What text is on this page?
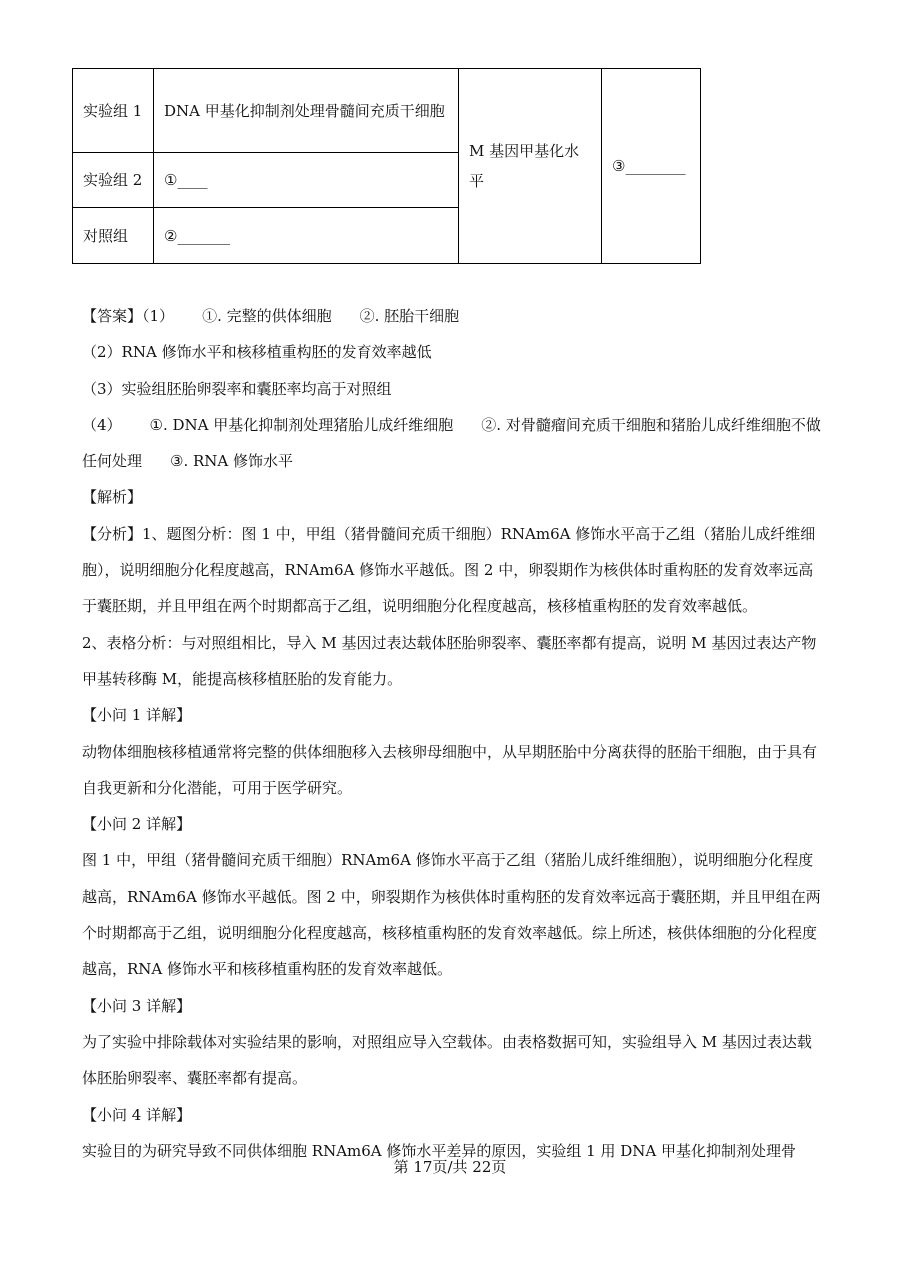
实验组 1	DNA 甲基化抑制剂处理骨髓间充质干细胞	M 基因甲基化水平	③________
实验组 2	①____		
对照组	②_______		

【答案】（1） ①. 完整的供体细胞 ②. 胚胎干细胞

（2）RNA 修饰水平和核移植重构胚的发育效率越低

（3）实验组胚胎卵裂率和囊胚率均高于对照组

（4） ①. DNA 甲基化抑制剂处理猪胎儿成纤维细胞 ②. 对骨髓瘤间充质干细胞和猪胎儿成纤维细胞不做任何处理 ③. RNA 修饰水平

【解析】

【分析】1、题图分析：图 1 中，甲组（猪骨髓间充质干细胞）RNAm6A 修饰水平高于乙组（猪胎儿成纤维细胞），说明细胞分化程度越高，RNAm6A 修饰水平越低。图 2 中，卵裂期作为核供体时重构胚的发育效率远高于囊胚期，并且甲组在两个时期都高于乙组，说明细胞分化程度越高，核移植重构胚的发育效率越低。

2、表格分析：与对照组相比，导入 M 基因过表达载体胚胎卵裂率、囊胚率都有提高，说明 M 基因过表达产物甲基转移酶 M，能提高核移植胚胎的发育能力。

【小问 1 详解】

动物体细胞核移植通常将完整的供体细胞移入去核卵母细胞中，从早期胚胎中分离获得的胚胎干细胞，由于具有自我更新和分化潜能，可用于医学研究。

【小问 2 详解】

图 1 中，甲组（猪骨髓间充质干细胞）RNAm6A 修饰水平高于乙组（猪胎儿成纤维细胞），说明细胞分化程度越高，RNAm6A 修饰水平越低。图 2 中，卵裂期作为核供体时重构胚的发育效率远高于囊胚期，并且甲组在两个时期都高于乙组，说明细胞分化程度越高，核移植重构胚的发育效率越低。综上所述，核供体细胞的分化程度越高，RNA 修饰水平和核移植重构胚的发育效率越低。

【小问 3 详解】

为了实验中排除载体对实验结果的影响，对照组应导入空载体。由表格数据可知，实验组导入 M 基因过表达载体胚胎卵裂率、囊胚率都有提高。

【小问 4 详解】

实验目的为研究导致不同供体细胞 RNAm6A 修饰水平差异的原因，实验组 1 用 DNA 甲基化抑制剂处理骨

第 17页/共 22页
